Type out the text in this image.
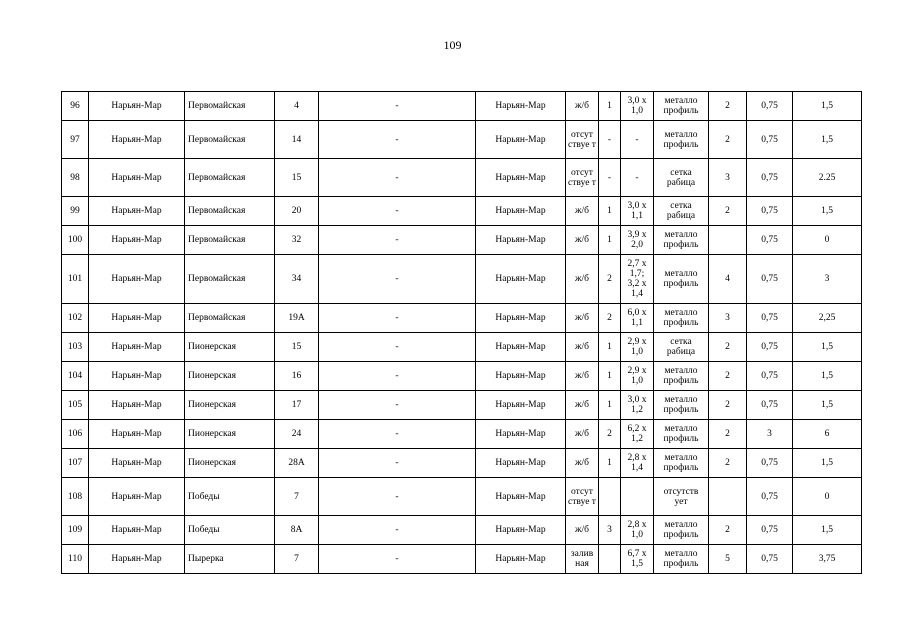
109
96	Нарьян-Мар	Первомайская	4	-	Нарьян-Мар	ж/б	1	3,0 х 1,0	металло профиль	2	0,75	1,5
97	Нарьян-Мар	Первомайская	14	-	Нарьян-Мар	отсут ствуе т	-	-	металло профиль	2	0,75	1,5
98	Нарьян-Мар	Первомайская	15	-	Нарьян-Мар	отсут ствуе т	-	-	сетка рабица	3	0,75	2.25
99	Нарьян-Мар	Первомайская	20	-	Нарьян-Мар	ж/б	1	3,0 х 1,1	сетка рабица	2	0,75	1,5
100	Нарьян-Мар	Первомайская	32	-	Нарьян-Мар	ж/б	1	3,9 х 2,0	металло профиль		0,75	0
101	Нарьян-Мар	Первомайская	34	-	Нарьян-Мар	ж/б	2	2,7 х 1,7; 3,2 х 1,4	металло профиль	4	0,75	3
102	Нарьян-Мар	Первомайская	19А	-	Нарьян-Мар	ж/б	2	6,0 х 1,1	металло профиль	3	0,75	2,25
103	Нарьян-Мар	Пионерская	15	-	Нарьян-Мар	ж/б	1	2,9 х 1,0	сетка рабица	2	0,75	1,5
104	Нарьян-Мар	Пионерская	16	-	Нарьян-Мар	ж/б	1	2,9 х 1,0	металло профиль	2	0,75	1,5
105	Нарьян-Мар	Пионерская	17	-	Нарьян-Мар	ж/б	1	3,0 х 1,2	металло профиль	2	0,75	1,5
106	Нарьян-Мар	Пионерская	24	-	Нарьян-Мар	ж/б	2	6,2 х 1,2	металло профиль	2	3	6
107	Нарьян-Мар	Пионерская	28А	-	Нарьян-Мар	ж/б	1	2,8 х 1,4	металло профиль	2	0,75	1,5
108	Нарьян-Мар	Победы	7	-	Нарьян-Мар	отсут ствуе т			отсутств ует		0,75	0
109	Нарьян-Мар	Победы	8А	-	Нарьян-Мар	ж/б	3	2,8 х 1,0	металло профиль	2	0,75	1,5
110	Нарьян-Мар	Пырерка	7	-	Нарьян-Мар	залив ная		6,7 х 1,5	металло профиль	5	0,75	3,75
